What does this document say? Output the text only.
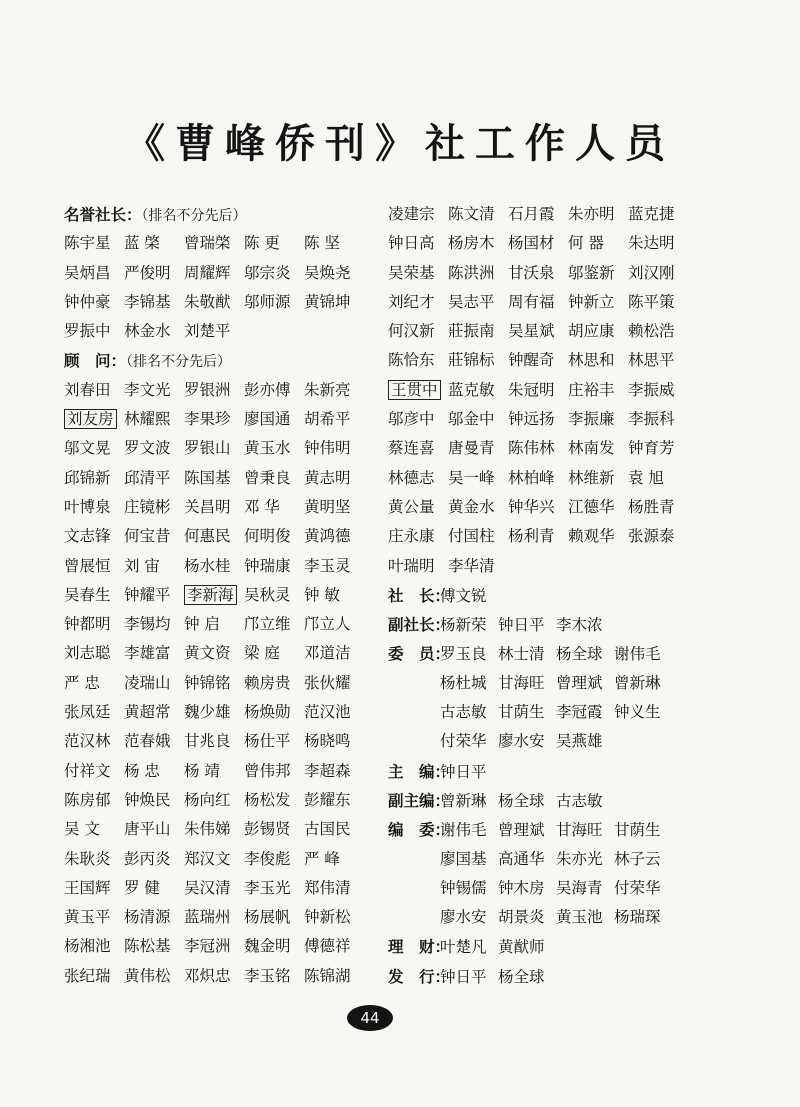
《曹峰侨刊》社工作人员
名誉社长：（排名不分先后）
陈宇星 蓝 棨 曾瑞棨 陈 更 陈 坚
吴炳昌 严俊明 周耀辉 邬宗炎 吴焕尧
钟仲豪 李锦基 朱敬猷 邬师源 黄锦坤
罗振中 林金水 刘楚平
顾　问：（排名不分先后）
刘春田 李文光 罗银洲 彭亦傅 朱新亮
刘友房 林耀熙 李果珍 廖国通 胡希平
邬文晃 罗文波 罗银山 黄玉水 钟伟明
邱锦新 邱清平 陈国基 曾秉良 黄志明
叶博泉 庄镜彬 关昌明 邓 华 黄明坚
文志锋 何宝昔 何惠民 何明俊 黄鸿德
曾展恒 刘 宙 杨水桂 钟瑞康 李玉灵
吴春生 钟耀平 李新海 吴秋灵 钟 敏
钟都明 李锡均 钟 启 邝立维 邝立人
刘志聪 李雄富 黄文资 梁 庭 邓道洁
严 忠 凌瑞山 钟锦铭 赖房贵 张伙耀
张凤廷 黄超常 魏少雄 杨焕勋 范汉池
范汉林 范春娥 甘兆良 杨仕平 杨晓鸣
付祥文 杨 忠 杨 靖 曾伟邦 李超森
陈房郁 钟焕民 杨向红 杨松发 彭耀东
吴 文 唐平山 朱伟娣 彭锡贤 古国民
朱耿炎 彭丙炎 郑汉文 李俊彪 严 峰
王国辉 罗 健 吴汉清 李玉光 郑伟清
黄玉平 杨清源 蓝瑞州 杨展帆 钟新松
杨湘池 陈松基 李冠洲 魏金明 傅德祥
张纪瑞 黄伟松 邓炽忠 李玉铭 陈锦湖
凌建宗 陈文清 石月霞 朱亦明 蓝克捷
钟日高 杨房木 杨国材 何 器 朱达明
吴荣基 陈洪洲 甘沃泉 邬鉴新 刘汉刚
刘纪才 吴志平 周有福 钟新立 陈平策
何汉新 莊振南 吴星斌 胡应康 赖松浩
陈恰东 莊锦标 钟醒奇 林思和 林思平
王贯中 蓝克敏 朱冠明 庄裕丰 李振威
邬彦中 邬金中 钟远扬 李振廉 李振科
蔡连喜 唐曼青 陈伟林 林南发 钟育芳
林德志 吴一峰 林柏峰 林维新 袁 旭
黄公量 黄金水 钟华兴 江德华 杨胜青
庄永康 付国柱 杨利青 赖观华 张源泰
叶瑞明 李华清
社　长：傅文锐
副社长：杨新荣 钟日平 李木浓
委　员：罗玉良 林士清 杨全球 谢伟毛
杨杜城 甘海旺 曾理斌 曾新琳
古志敏 甘荫生 李冠霞 钟义生
付荣华 廖水安 吴燕雄
主　编：钟日平
副主编：曾新琳 杨全球 古志敏
编　委：谢伟毛 曾理斌 甘海旺 甘荫生
廖国基 高通华 朱亦光 林子云
钟锡儒 钟木房 吴海青 付荣华
廖水安 胡景炎 黄玉池 杨瑞琛
理　财：叶楚凡 黄猷师
发　行：钟日平 杨全球
44
